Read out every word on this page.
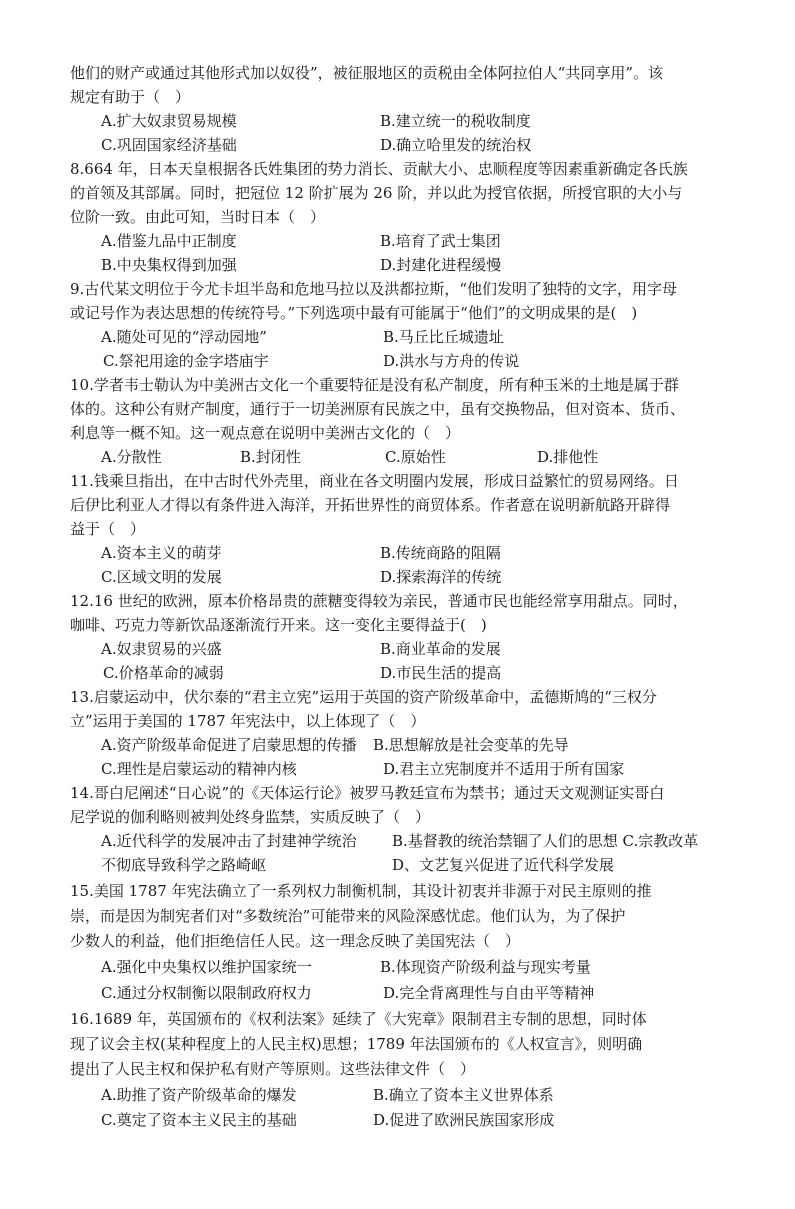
他们的财产或通过其他形式加以奴役”，被征服地区的贡税由全体阿拉伯人“共同享用”。该
规定有助于（　）
A.扩大奴隶贸易规模	B.建立统一的税收制度
C.巩固国家经济基础	D.确立哈里发的统治权
8.664 年，日本天皇根据各氏姓集团的势力消长、贡献大小、忠顺程度等因素重新确定各氏族
的首领及其部属。同时，把冠位 12 阶扩展为 26 阶，并以此为授官依据，所授官职的大小与
位阶一致。由此可知，当时日本（　）
A.借鉴九品中正制度	B.培育了武士集团
B.中央集权得到加强	D.封建化进程缓慢
9.古代某文明位于今尤卡坦半岛和危地马拉以及洪都拉斯，“他们发明了独特的文字，用字母
或记号作为表达思想的传统符号。”下列选项中最有可能属于“他们”的文明成果的是(　)
A.随处可见的“浮动园地”	B.马丘比丘城遗址
C.祭祀用途的金字塔庙宇	D.洪水与方舟的传说
10.学者韦士勒认为中美洲古文化一个重要特征是没有私产制度，所有种玉米的土地是属于群
体的。这种公有财产制度，通行于一切美洲原有民族之中，虽有交换物品，但对资本、货币、
利息等一概不知。这一观点意在说明中美洲古文化的（　）
A.分散性	B.封闭性	C.原始性	D.排他性
11.钱乘旦指出，在中古时代外壳里，商业在各文明圈内发展，形成日益繁忙的贸易网络。日
后伊比利亚人才得以有条件进入海洋，开拓世界性的商贸体系。作者意在说明新航路开辟得
益于（　）
A.资本主义的萌芽	B.传统商路的阻隔
C.区域文明的发展	D.探索海洋的传统
12.16 世纪的欧洲，原本价格昂贵的蔗糖变得较为亲民，普通市民也能经常享用甜点。同时，
咖啡、巧克力等新饮品逐渐流行开来。这一变化主要得益于(　)
A.奴隶贸易的兴盛	B.商业革命的发展
C.价格革命的减弱	D.市民生活的提高
13.启蒙运动中，伏尔泰的“君主立宪”运用于英国的资产阶级革命中，孟德斯鸠的“三权分
立”运用于美国的 1787 年宪法中，以上体现了（　）
A.资产阶级革命促进了启蒙思想的传播 B.思想解放是社会变革的先导
C.理性是启蒙运动的精神内核	D.君主立宪制度并不适用于所有国家
14.哥白尼阐述“日心说”的《天体运行论》被罗马教廷宣布为禁书；通过天文观测证实哥白
尼学说的伽利略则被判处终身监禁，实质反映了（　）
A.近代科学的发展冲击了封建神学统治 B.基督教的统治禁锢了人们的思想 C.宗教改革
不彻底导致科学之路崎岖	D、文艺复兴促进了近代科学发展
15.美国 1787 年宪法确立了一系列权力制衡机制，其设计初衷并非源于对民主原则的推
崇，而是因为制宪者们对“多数统治”可能带来的风险深感忧虑。他们认为，为了保护
少数人的利益，他们拒绝信任人民。这一理念反映了美国宪法（　）
A.强化中央集权以维护国家统一	B.体现资产阶级利益与现实考量
C.通过分权制衡以限制政府权力	D.完全背离理性与自由平等精神
16.1689 年，英国颁布的《权利法案》延续了《大宪章》限制君主专制的思想，同时体
现了议会主权(某种程度上的人民主权)思想；1789 年法国颁布的《人权宣言》，则明确
提出了人民主权和保护私有财产等原则。这些法律文件（　）
A.助推了资产阶级革命的爆发	B.确立了资本主义世界体系
C.奠定了资本主义民主的基础	D.促进了欧洲民族国家形成
